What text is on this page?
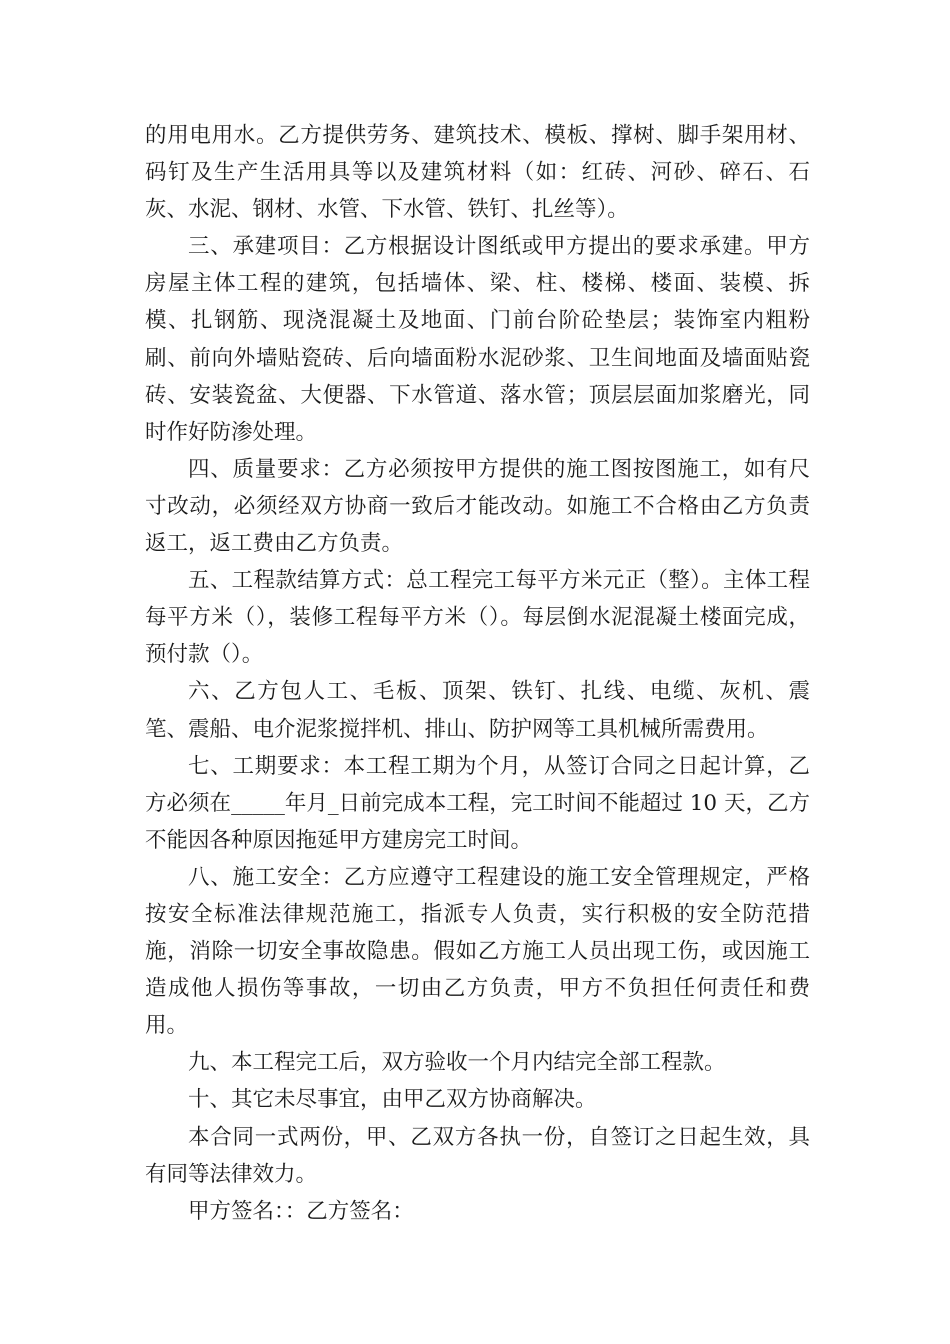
的用电用水。乙方提供劳务、建筑技术、模板、撑树、脚手架用材、码钉及生产生活用具等以及建筑材料（如：红砖、河砂、碎石、石灰、水泥、钢材、水管、下水管、铁钉、扎丝等）。

三、承建项目：乙方根据设计图纸或甲方提出的要求承建。甲方房屋主体工程的建筑，包括墙体、梁、柱、楼梯、楼面、装模、拆模、扎钢筋、现浇混凝土及地面、门前台阶砼垫层；装饰室内粗粉刷、前向外墙贴瓷砖、后向墙面粉水泥砂浆、卫生间地面及墙面贴瓷砖、安装瓷盆、大便器、下水管道、落水管；顶层层面加浆磨光，同时作好防渗处理。

四、质量要求：乙方必须按甲方提供的施工图按图施工，如有尺寸改动，必须经双方协商一致后才能改动。如施工不合格由乙方负责返工，返工费由乙方负责。

五、工程款结算方式：总工程完工每平方米元正（整）。主体工程每平方米（），装修工程每平方米（）。每层倒水泥混凝土楼面完成，预付款（）。

六、乙方包人工、毛板、顶架、铁钉、扎线、电缆、灰机、震笔、震船、电介泥浆搅拌机、排山、防护网等工具机械所需费用。

七、工期要求：本工程工期为个月，从签订合同之日起计算，乙方必须在_____年月_日前完成本工程，完工时间不能超过 10 天，乙方不能因各种原因拖延甲方建房完工时间。

八、施工安全：乙方应遵守工程建设的施工安全管理规定，严格按安全标准法律规范施工，指派专人负责，实行积极的安全防范措施，消除一切安全事故隐患。假如乙方施工人员出现工伤，或因施工造成他人损伤等事故，一切由乙方负责，甲方不负担任何责任和费用。

九、本工程完工后，双方验收一个月内结完全部工程款。

十、其它未尽事宜，由甲乙双方协商解决。

本合同一式两份，甲、乙双方各执一份，自签订之日起生效，具有同等法律效力。

甲方签名：：乙方签名：
